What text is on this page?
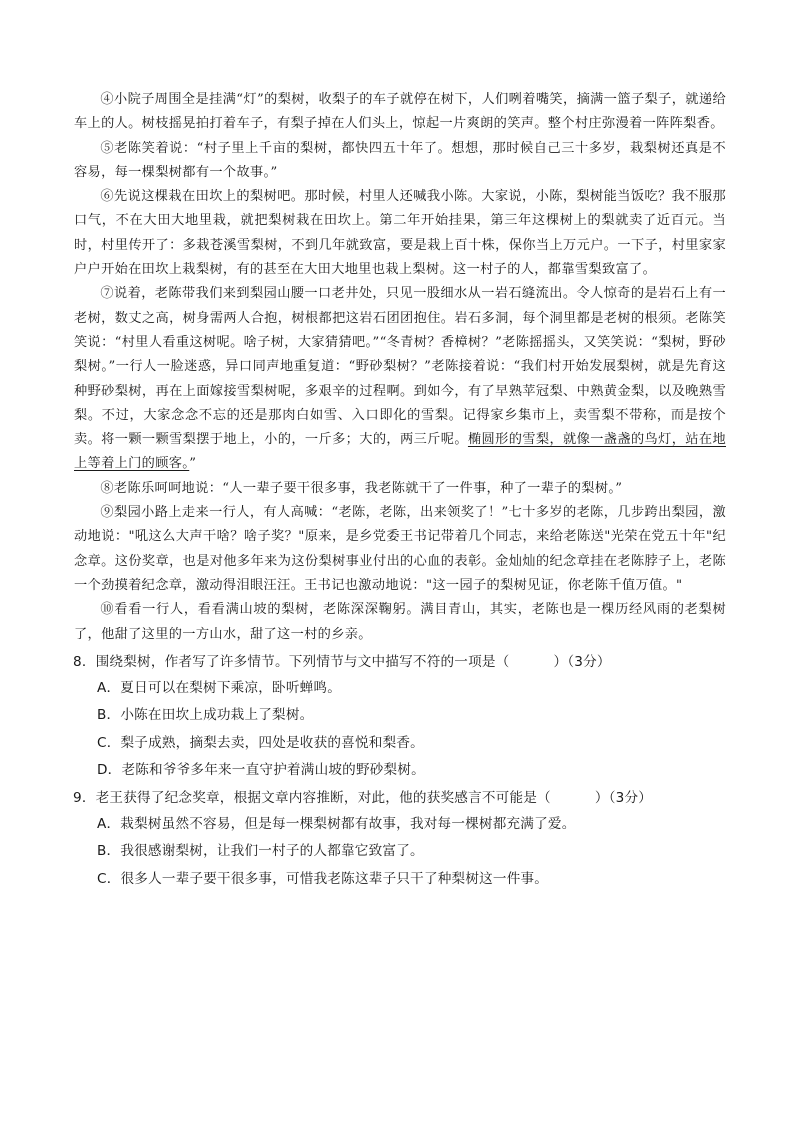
④小院子周围全是挂满“灯”的梨树，收梨子的车子就停在树下，人们咧着嘴笑，摘满一篮子梨子，就递给车上的人。树枝摇晃拍打着车子，有梨子掉在人们头上，惊起一片爽朗的笑声。整个村庄弥漫着一阵阵梨香。

⑤老陈笑着说：“村子里上千亩的梨树，都快四五十年了。想想，那时候自己三十多岁，栽梨树还真是不容易，每一棵梨树都有一个故事。”

⑥先说这棵栽在田坎上的梨树吧。那时候，村里人还喊我小陈。大家说，小陈，梨树能当饭吃？我不服那口气，不在大田大地里栽，就把梨树栽在田坎上。第二年开始挂果，第三年这棵树上的梨就卖了近百元。当时，村里传开了：多栽苍溪雪梨树，不到几年就致富，要是栽上百十株，保你当上万元户。一下子，村里家家户户开始在田坎上栽梨树，有的甚至在大田大地里也栽上梨树。这一村子的人，都靠雪梨致富了。

⑦说着，老陈带我们来到梨园山腰一口老井处，只见一股细水从一岩石缝流出。令人惊奇的是岩石上有一老树，数丈之高，树身需两人合抱，树根都把这岩石团团抱住。岩石多洞，每个洞里都是老树的根须。老陈笑笑说：“村里人看重这树呢。啥子树，大家猜猜吧。”“冬青树？香樟树？”老陈摇摇头，又笑笑说：“梨树，野砂梨树。”一行人一脸迷惑，异口同声地重复道：“野砂梨树？”老陈接着说：“我们村开始发展梨树，就是先育这种野砂梨树，再在上面嫁接雪梨树呢，多艰辛的过程啊。到如今，有了早熟苹冠梨、中熟黄金梨，以及晚熟雪梨。不过，大家念念不忘的还是那肉白如雪、入口即化的雪梨。记得家乡集市上，卖雪梨不带称，而是按个卖。将一颗一颗雪梨摆于地上，小的，一斤多；大的，两三斤呢。椭圆形的雪梨，就像一盏盏的鸟灯，站在地上等着上门的顾客。”

⑧老陈乐呵呵地说：“人一辈子要干很多事，我老陈就干了一件事，种了一辈子的梨树。”

⑨梨园小路上走来一行人，有人高喊：“老陈，老陈，出来领奖了！”七十多岁的老陈，几步跨出梨园，激动地说："吼这么大声干啥？啥子奖？"原来，是乡党委王书记带着几个同志，来给老陈送"光荣在党五十年"纪念章。这份奖章，也是对他多年来为这份梨树事业付出的心血的表彰。金灿灿的纪念章挂在老陈脖子上，老陈一个劲摸着纪念章，激动得泪眼汪汪。王书记也激动地说："这一园子的梨树见证，你老陈千值万值。"

⑩看看一行人，看看满山坡的梨树，老陈深深鞠躬。满目青山，其实，老陈也是一棵历经风雨的老梨树了，他甜了这里的一方山水，甜了这一村的乡亲。

8．围绕梨树，作者写了许多情节。下列情节与文中描写不符的一项是（	）（3分）
A．夏日可以在梨树下乘凉，卧听蝉鸣。
B．小陈在田坎上成功栽上了梨树。
C．梨子成熟，摘梨去卖，四处是收获的喜悦和梨香。
D．老陈和爷爷多年来一直守护着满山坡的野砂梨树。
9．老王获得了纪念奖章，根据文章内容推断，对此，他的获奖感言不可能是（	）（3分）
A．栽梨树虽然不容易，但是每一棵梨树都有故事，我对每一棵树都充满了爱。
B．我很感谢梨树，让我们一村子的人都靠它致富了。
C．很多人一辈子要干很多事，可惜我老陈这辈子只干了种梨树这一件事。
